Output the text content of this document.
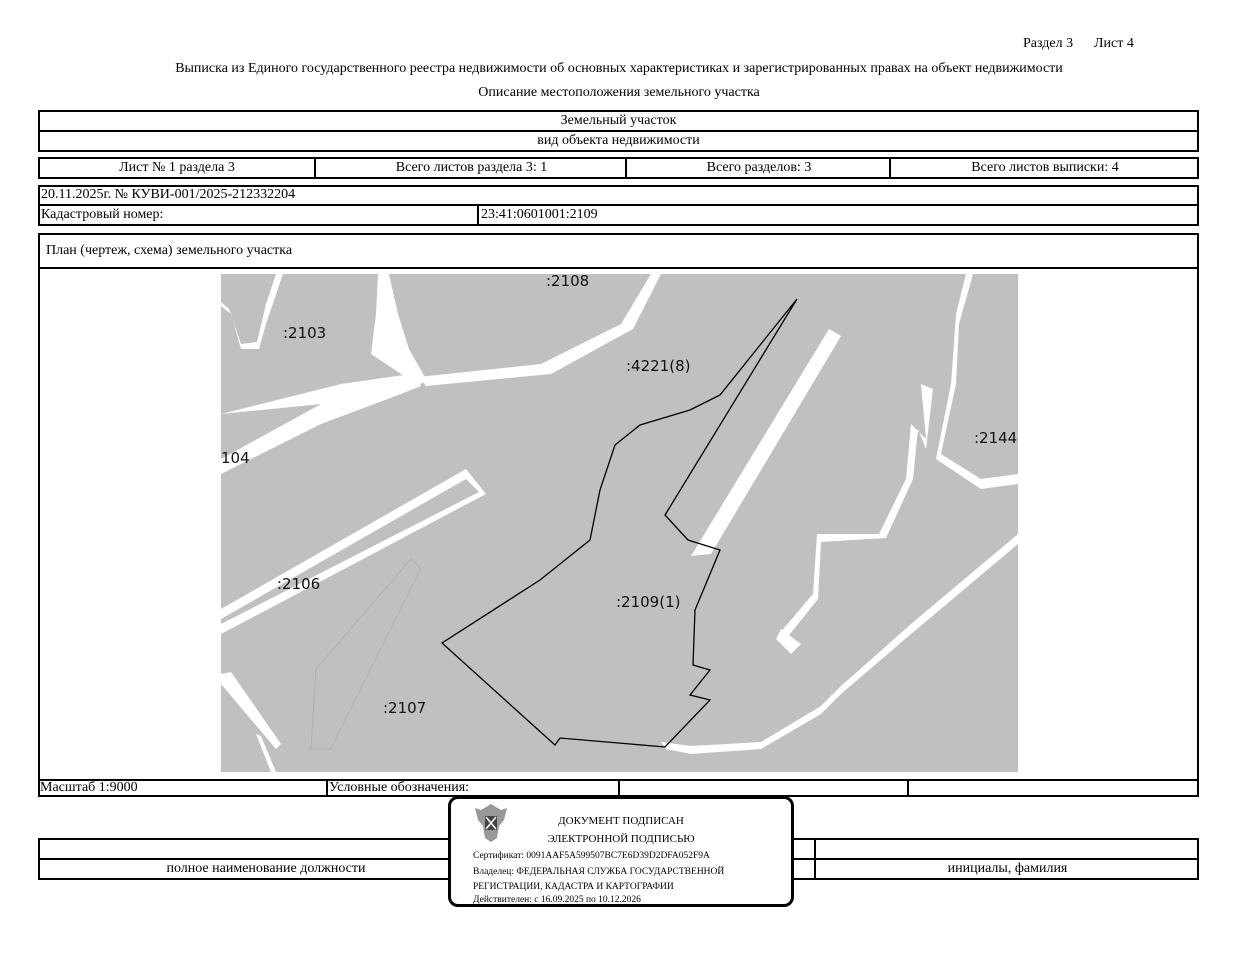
Раздел 3 Лист 4
Выписка из Единого государственного реестра недвижимости об основных характеристиках и зарегистрированных правах на объект недвижимости
Описание местоположения земельного участка
Земельный участок
вид объекта недвижимости
Лист № 1 раздела 3	Всего листов раздела 3: 1	Всего разделов: 3	Всего листов выписки: 4
20.11.2025г. № КУВИ-001/2025-212332204
Кадастровый номер:	23:41:0601001:2109
План (чертеж, схема) земельного участка
Масштаб 1:9000	Условные обозначения:
:2108
:2103
:4221(8)
104
:2144
:2106
:2109(1)
:2107
полное наименование должности	инициалы, фамилия
ДОКУМЕНТ ПОДПИСАН
ЭЛЕКТРОННОЙ ПОДПИСЬЮ
Сертификат: 0091AAF5A599507BC7E6D39D2DFA052F9A
Владелец: ФЕДЕРАЛЬНАЯ СЛУЖБА ГОСУДАРСТВЕННОЙ
РЕГИСТРАЦИИ, КАДАСТРА И КАРТОГРАФИИ
Действителен: с 16.09.2025 по 10.12.2026
